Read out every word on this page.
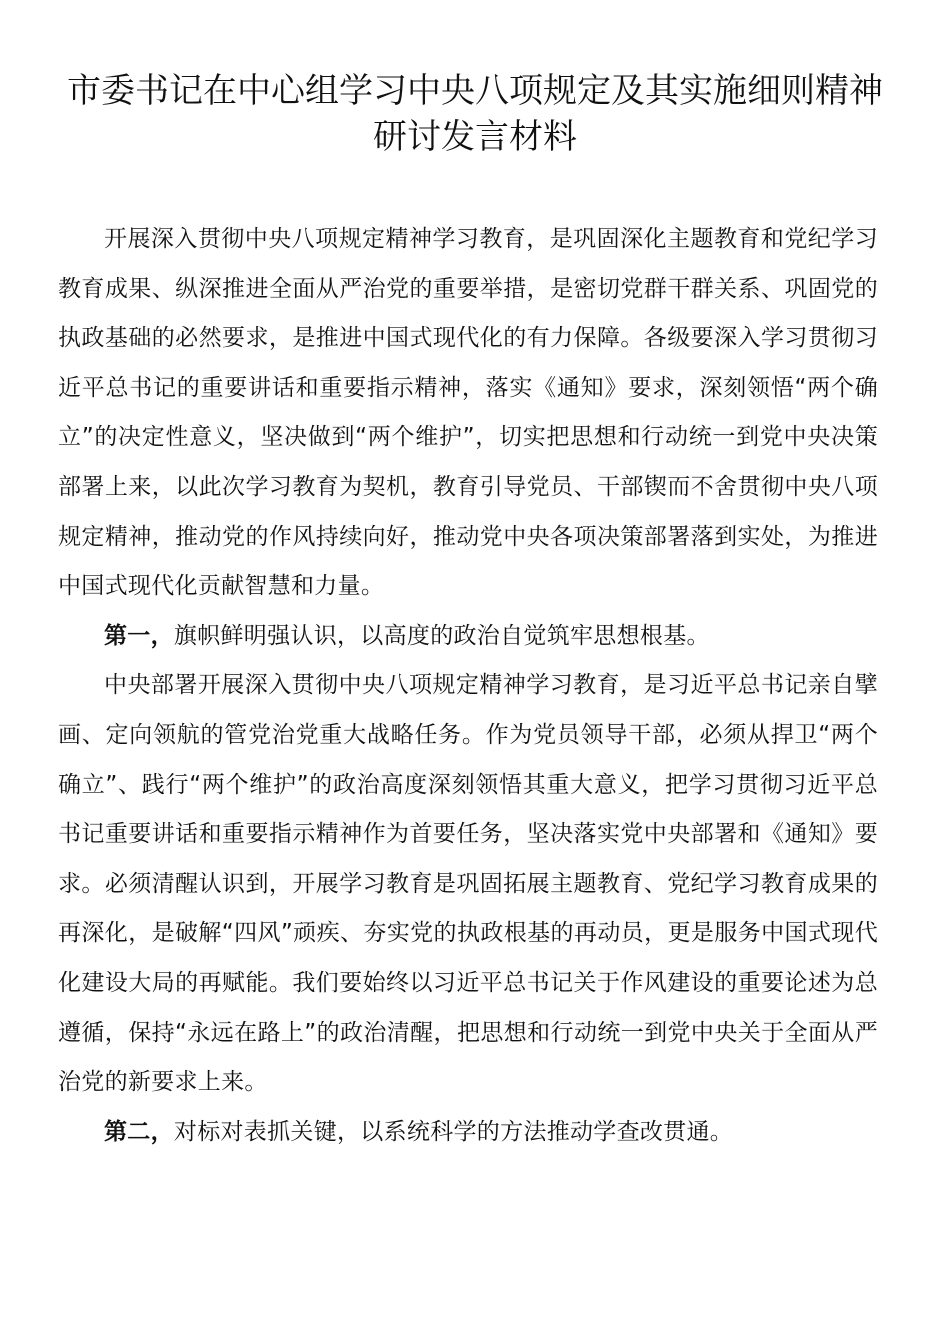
市委书记在中心组学习中央八项规定及其实施细则精神研讨发言材料

开展深入贯彻中央八项规定精神学习教育，是巩固深化主题教育和党纪学习教育成果、纵深推进全面从严治党的重要举措，是密切党群干群关系、巩固党的执政基础的必然要求，是推进中国式现代化的有力保障。各级要深入学习贯彻习近平总书记的重要讲话和重要指示精神，落实《通知》要求，深刻领悟“两个确立”的决定性意义，坚决做到“两个维护”，切实把思想和行动统一到党中央决策部署上来，以此次学习教育为契机，教育引导党员、干部锲而不舍贯彻中央八项规定精神，推动党的作风持续向好，推动党中央各项决策部署落到实处，为推进中国式现代化贡献智慧和力量。

第一，旗帜鲜明强认识，以高度的政治自觉筑牢思想根基。

中央部署开展深入贯彻中央八项规定精神学习教育，是习近平总书记亲自擘画、定向领航的管党治党重大战略任务。作为党员领导干部，必须从捍卫“两个确立”、践行“两个维护”的政治高度深刻领悟其重大意义，把学习贯彻习近平总书记重要讲话和重要指示精神作为首要任务，坚决落实党中央部署和《通知》要求。必须清醒认识到，开展学习教育是巩固拓展主题教育、党纪学习教育成果的再深化，是破解“四风”顽疾、夯实党的执政根基的再动员，更是服务中国式现代化建设大局的再赋能。我们要始终以习近平总书记关于作风建设的重要论述为总遵循，保持“永远在路上”的政治清醒，把思想和行动统一到党中央关于全面从严治党的新要求上来。

第二，对标对表抓关键，以系统科学的方法推动学查改贯通。
